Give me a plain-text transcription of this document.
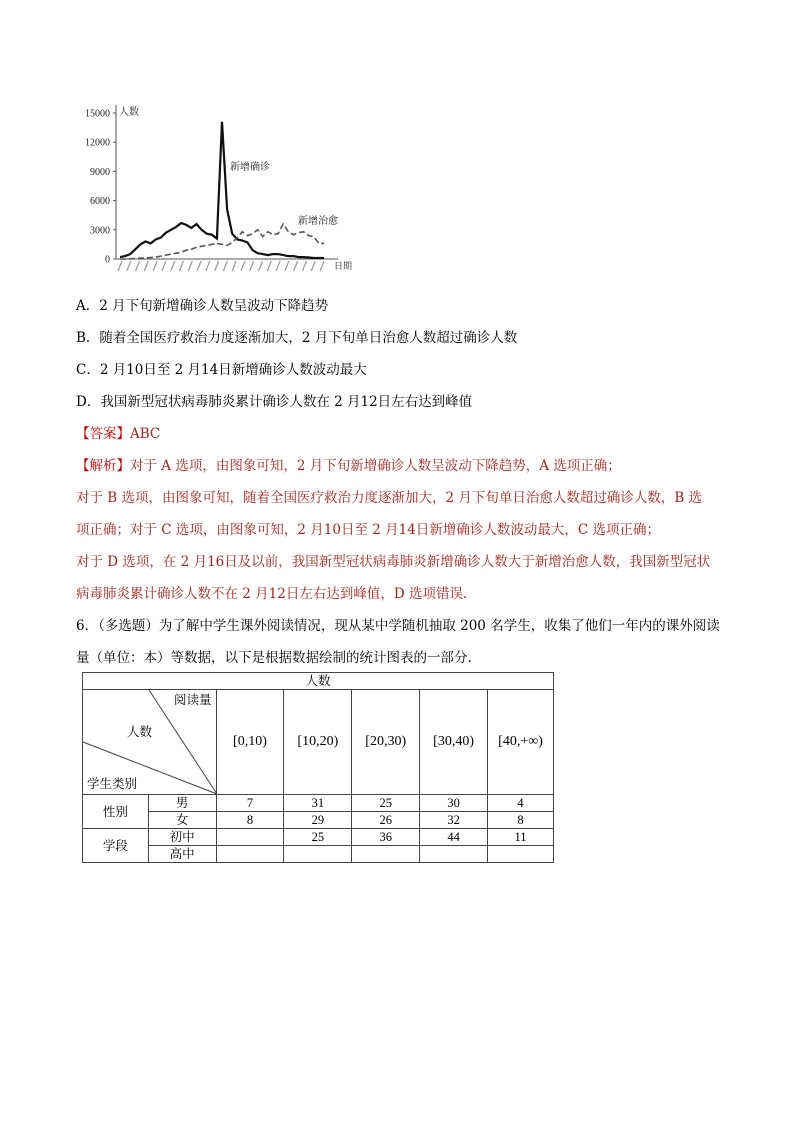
15000
12000
9000
6000
3000
0
人数
日期
新增确诊
新增治愈
A．2 月下旬新增确诊人数呈波动下降趋势
B．随着全国医疗救治力度逐渐加大，2 月下旬单日治愈人数超过确诊人数
C．2 月10日至 2 月14日新增确诊人数波动最大
D．我国新型冠状病毒肺炎累计确诊人数在 2 月12日左右达到峰值
【答案】ABC
【解析】对于 A 选项，由图象可知，2 月下旬新增确诊人数呈波动下降趋势，A 选项正确；
对于 B 选项，由图象可知，随着全国医疗救治力度逐渐加大，2 月下旬单日治愈人数超过确诊人数，B 选
项正确；对于 C 选项，由图象可知，2 月10日至 2 月14日新增确诊人数波动最大，C 选项正确；
对于 D 选项，在 2 月16日及以前，我国新型冠状病毒肺炎新增确诊人数大于新增治愈人数，我国新型冠状
病毒肺炎累计确诊人数不在 2 月12日左右达到峰值，D 选项错误.
6．（多选题）为了解中学生课外阅读情况，现从某中学随机抽取 200 名学生，收集了他们一年内的课外阅读
量（单位：本）等数据，以下是根据数据绘制的统计图表的一部分.
人数						

阅读量
人数
学生类别		[0,10)	[10,20)	[20,30)	[30,40)	[40,+∞)
性别	男	7	31	25	30	4
	女	8	29	26	32	8
学段	初中		25	36	44	11
	高中					
